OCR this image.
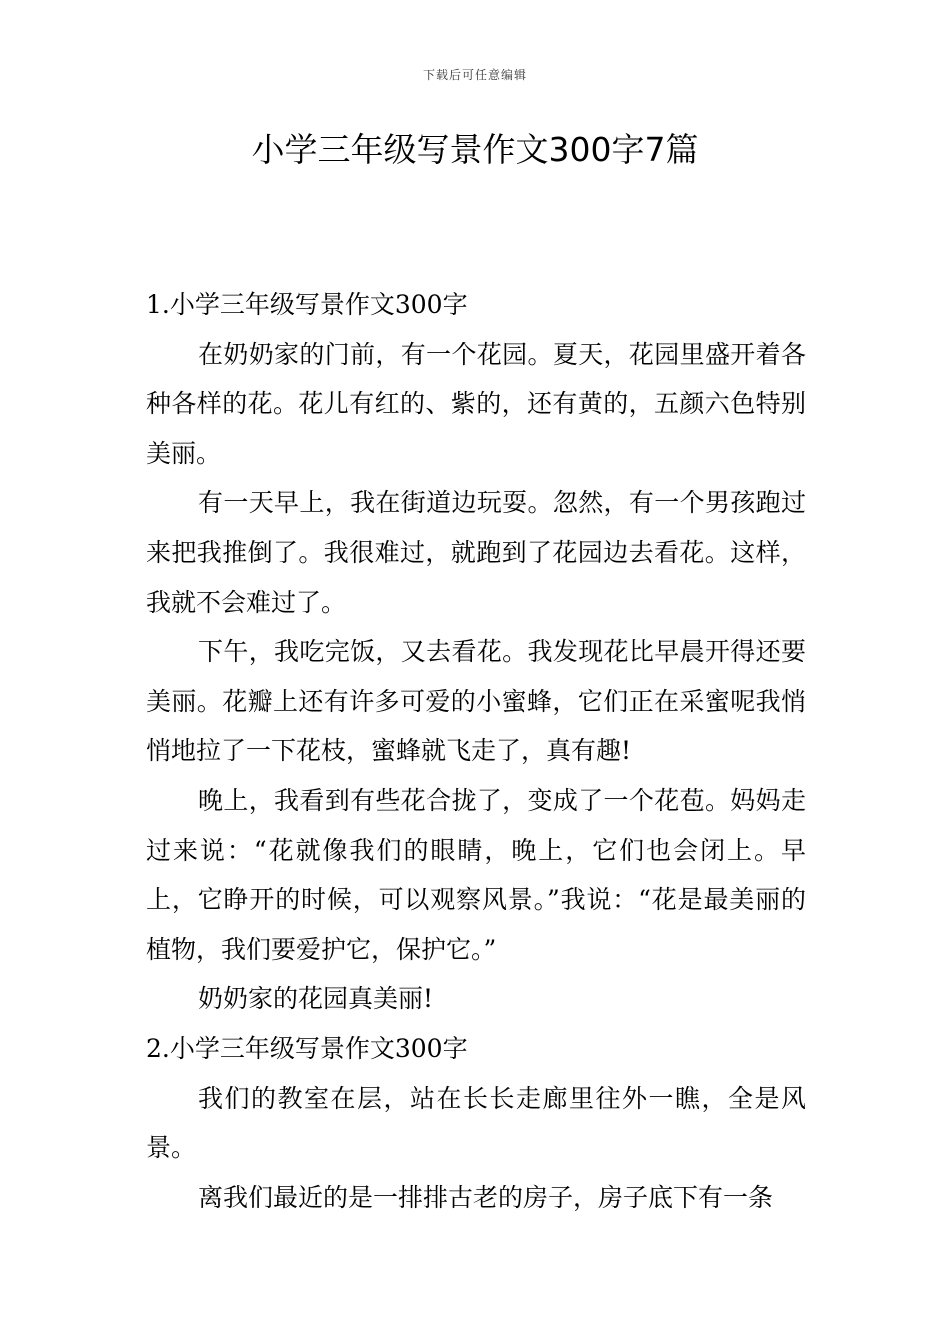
下载后可任意编辑
小学三年级写景作文300字7篇

1.小学三年级写景作文300字

在奶奶家的门前，有一个花园。夏天，花园里盛开着各种各样的花。花儿有红的、紫的，还有黄的，五颜六色特别美丽。

有一天早上，我在街道边玩耍。忽然，有一个男孩跑过来把我推倒了。我很难过，就跑到了花园边去看花。这样，我就不会难过了。

下午，我吃完饭，又去看花。我发现花比早晨开得还要美丽。花瓣上还有许多可爱的小蜜蜂，它们正在采蜜呢我悄悄地拉了一下花枝，蜜蜂就飞走了，真有趣!

晚上，我看到有些花合拢了，变成了一个花苞。妈妈走过来说：“花就像我们的眼睛，晚上，它们也会闭上。早上，它睁开的时候，可以观察风景。”我说：“花是最美丽的植物，我们要爱护它，保护它。”

奶奶家的花园真美丽!

2.小学三年级写景作文300字

我们的教室在层，站在长长走廊里往外一瞧，全是风景。

离我们最近的是一排排古老的房子，房子底下有一条
